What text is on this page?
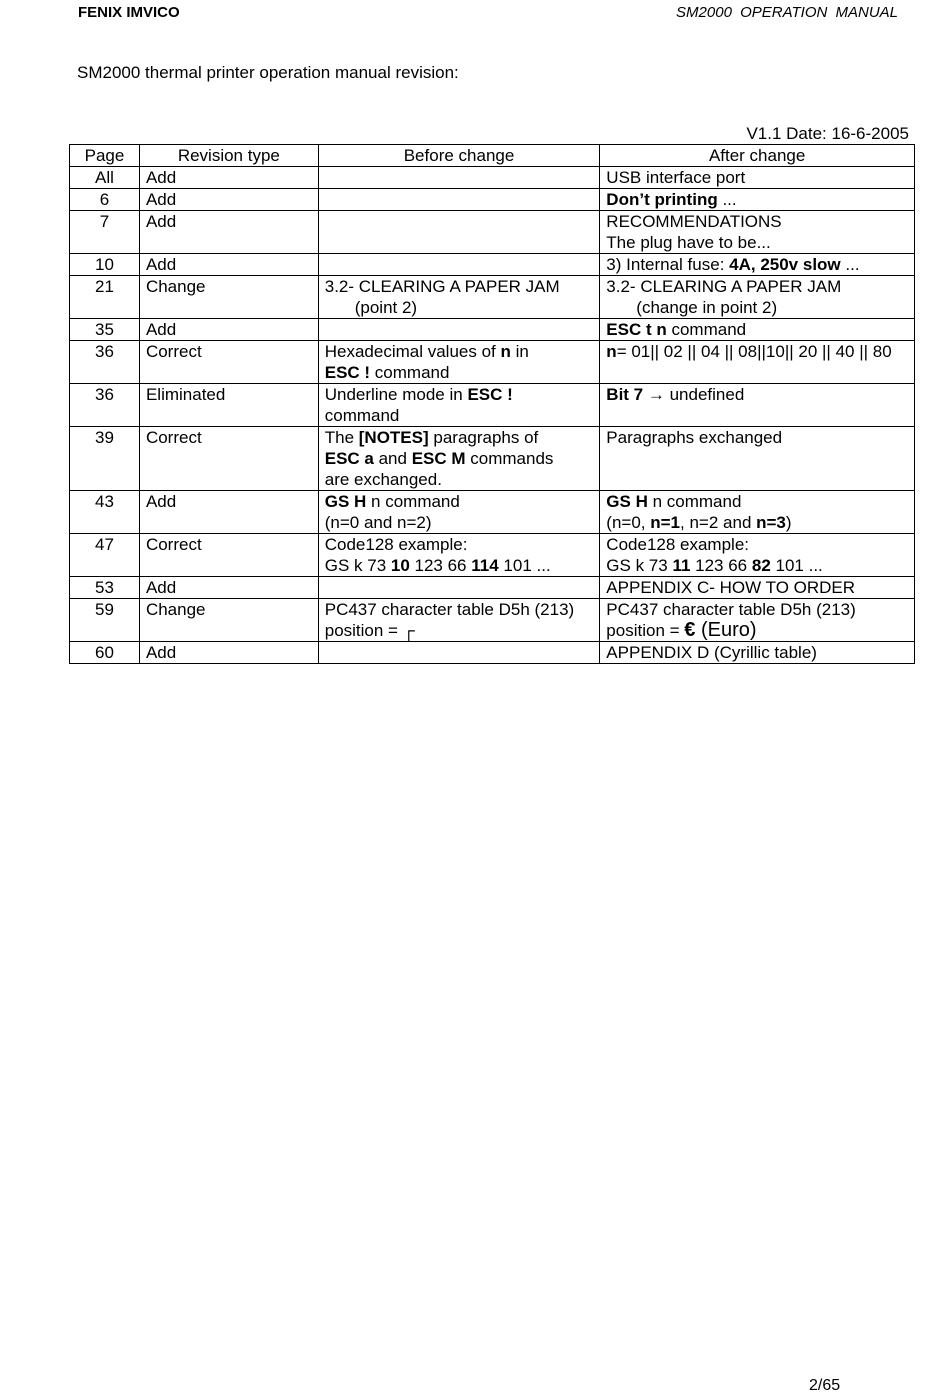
FENIX IMVICO	SM2000 OPERATION MANUAL
SM2000 thermal printer operation manual revision:
V1.1 Date: 16-6-2005
Page	Revision type	Before change	After change
All	Add		USB interface port
6	Add		Don’t printing ...

7	Add		RECOMMENDATIONS
The plug have to be...

10	Add		3) Internal fuse: 4A, 250v slow ...

21	Change	3.2- CLEARING A PAPER JAM
(point 2)	3.2- CLEARING A PAPER JAM
(change in point 2)

35	Add		ESC t n command

36	Correct	Hexadecimal values of n in
ESC ! command	n= 01|| 02 || 04 || 08||10|| 20 || 40 || 80

36	Eliminated	Underline mode in ESC !
command	Bit 7 → undefined

39	Correct	The [NOTES] paragraphs of
ESC a and ESC M commands
are exchanged.	Paragraphs exchanged
43	Add	GS H n command
(n=0 and n=2)	GS H n command
(n=0, n=1, n=2 and n=3)

47	Correct	Code128 example:
GS k 73 10 123 66 114 101 ...	Code128 example:
GS k 73 11 123 66 82 101 ...

53	Add		APPENDIX C- HOW TO ORDER
59	Change	PC437 character table D5h (213)
position = ┌	PC437 character table D5h (213)
position = € (Euro)

60	Add		APPENDIX D (Cyrillic table)
2/65
